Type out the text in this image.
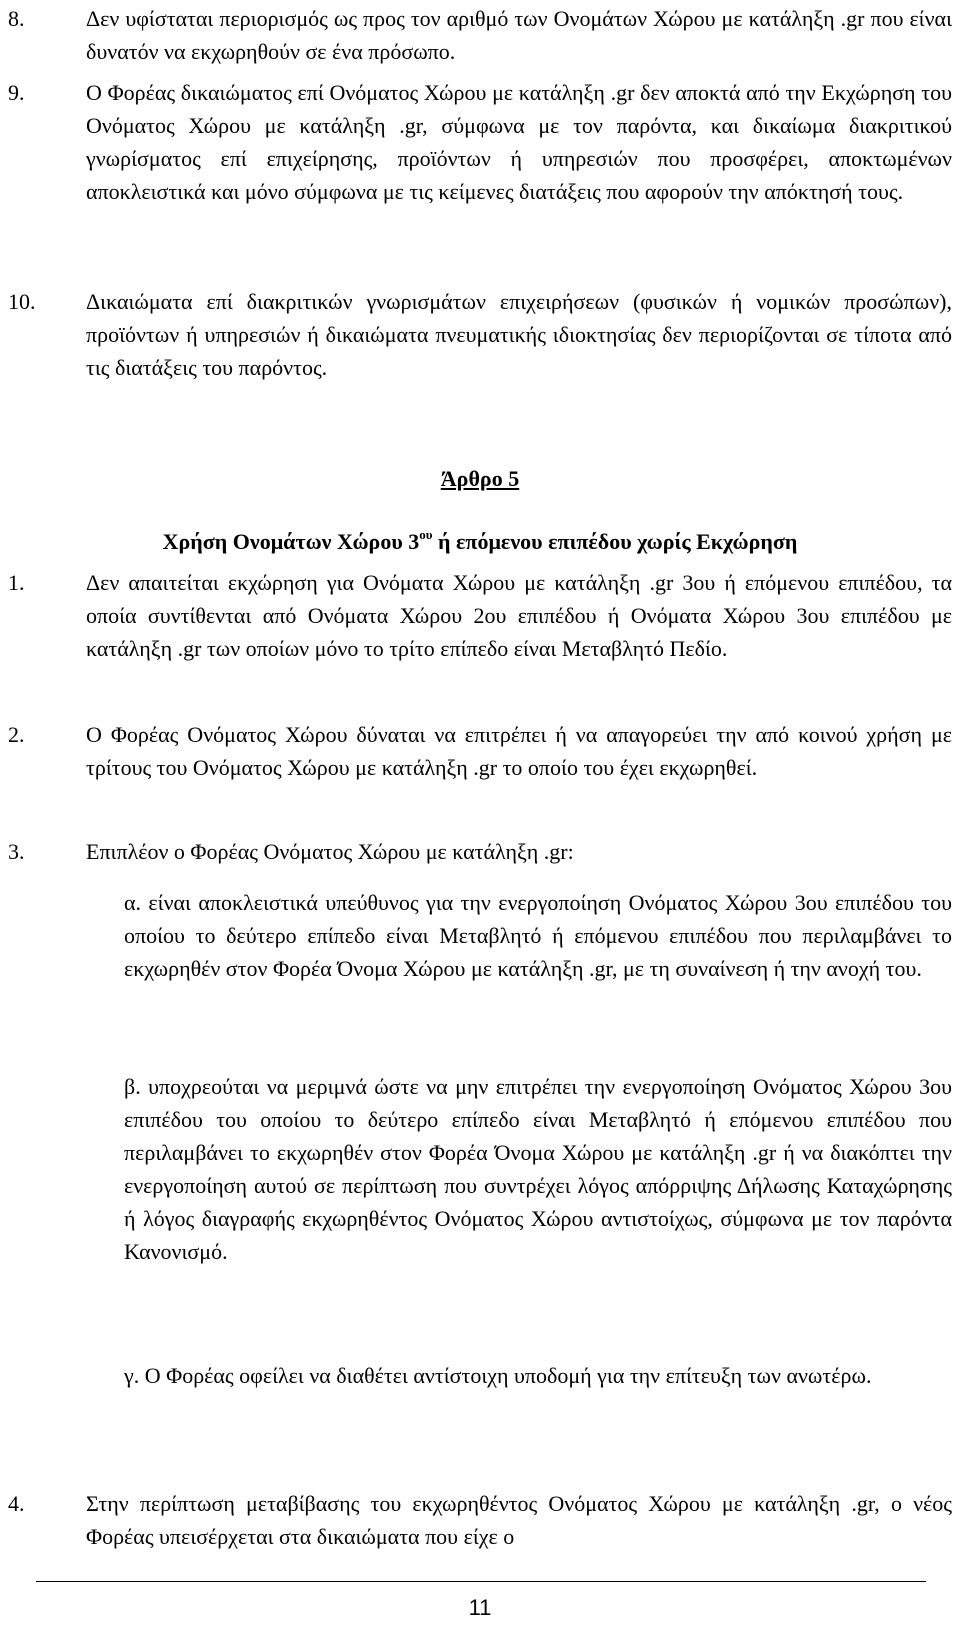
8.	Δεν υφίσταται περιορισμός ως προς τον αριθμό των Ονομάτων Χώρου με κατάληξη .gr που είναι δυνατόν να εκχωρηθούν σε ένα πρόσωπο.
9.	Ο Φορέας δικαιώματος επί Ονόματος Χώρου με κατάληξη .gr δεν αποκτά από την Εκχώρηση του Ονόματος Χώρου με κατάληξη .gr, σύμφωνα με τον παρόντα, και δικαίωμα διακριτικού γνωρίσματος επί επιχείρησης, προϊόντων ή υπηρεσιών που προσφέρει, αποκτωμένων αποκλειστικά και μόνο σύμφωνα με τις κείμενες διατάξεις που αφορούν την απόκτησή τους.
10. Δικαιώματα επί διακριτικών γνωρισμάτων επιχειρήσεων (φυσικών ή νομικών προσώπων), προϊόντων ή υπηρεσιών ή δικαιώματα πνευματικής ιδιοκτησίας δεν περιορίζονται σε τίποτα από τις διατάξεις του παρόντος.
Άρθρο 5
Χρήση Ονομάτων Χώρου $3^{o\upsilon}$ ή επόμενου επιπέδου χωρίς Εκχώρηση
1.	Δεν απαιτείται εκχώρηση για Ονόματα Χώρου με κατάληξη .gr 3ου ή επόμενου επιπέδου, τα οποία συντίθενται από Ονόματα Χώρου 2ου επιπέδου ή Ονόματα Χώρου 3ου επιπέδου με κατάληξη .gr των οποίων μόνο το τρίτο επίπεδο είναι Μεταβλητό Πεδίο.
2.	Ο Φορέας Ονόματος Χώρου δύναται να επιτρέπει ή να απαγορεύει την από κοινού χρήση με τρίτους του Ονόματος Χώρου με κατάληξη .gr το οποίο του έχει εκχωρηθεί.
3.	Επιπλέον ο Φορέας Ονόματος Χώρου με κατάληξη .gr:
α. είναι αποκλειστικά υπεύθυνος για την ενεργοποίηση Ονόματος Χώρου 3ου επιπέδου του οποίου το δεύτερο επίπεδο είναι Μεταβλητό ή επόμενου επιπέδου που περιλαμβάνει το εκχωρηθέν στον Φορέα Όνομα Χώρου με κατάληξη .gr, με τη συναίνεση ή την ανοχή του.
β. υποχρεούται να μεριμνά ώστε να μην επιτρέπει την ενεργοποίηση Ονόματος Χώρου 3ου επιπέδου του οποίου το δεύτερο επίπεδο είναι Μεταβλητό ή επόμενου επιπέδου που περιλαμβάνει το εκχωρηθέν στον Φορέα Όνομα Χώρου με κατάληξη .gr ή να διακόπτει την ενεργοποίηση αυτού σε περίπτωση που συντρέχει λόγος απόρριψης Δήλωσης Καταχώρησης ή λόγος διαγραφής εκχωρηθέντος Ονόματος Χώρου αντιστοίχως, σύμφωνα με τον παρόντα Κανονισμό.
γ. Ο Φορέας οφείλει να διαθέτει αντίστοιχη υποδομή για την επίτευξη των ανωτέρω.
4.	Στην περίπτωση μεταβίβασης του εκχωρηθέντος Ονόματος Χώρου με κατάληξη .gr, ο νέος Φορέας υπεισέρχεται στα δικαιώματα που είχε ο
11
